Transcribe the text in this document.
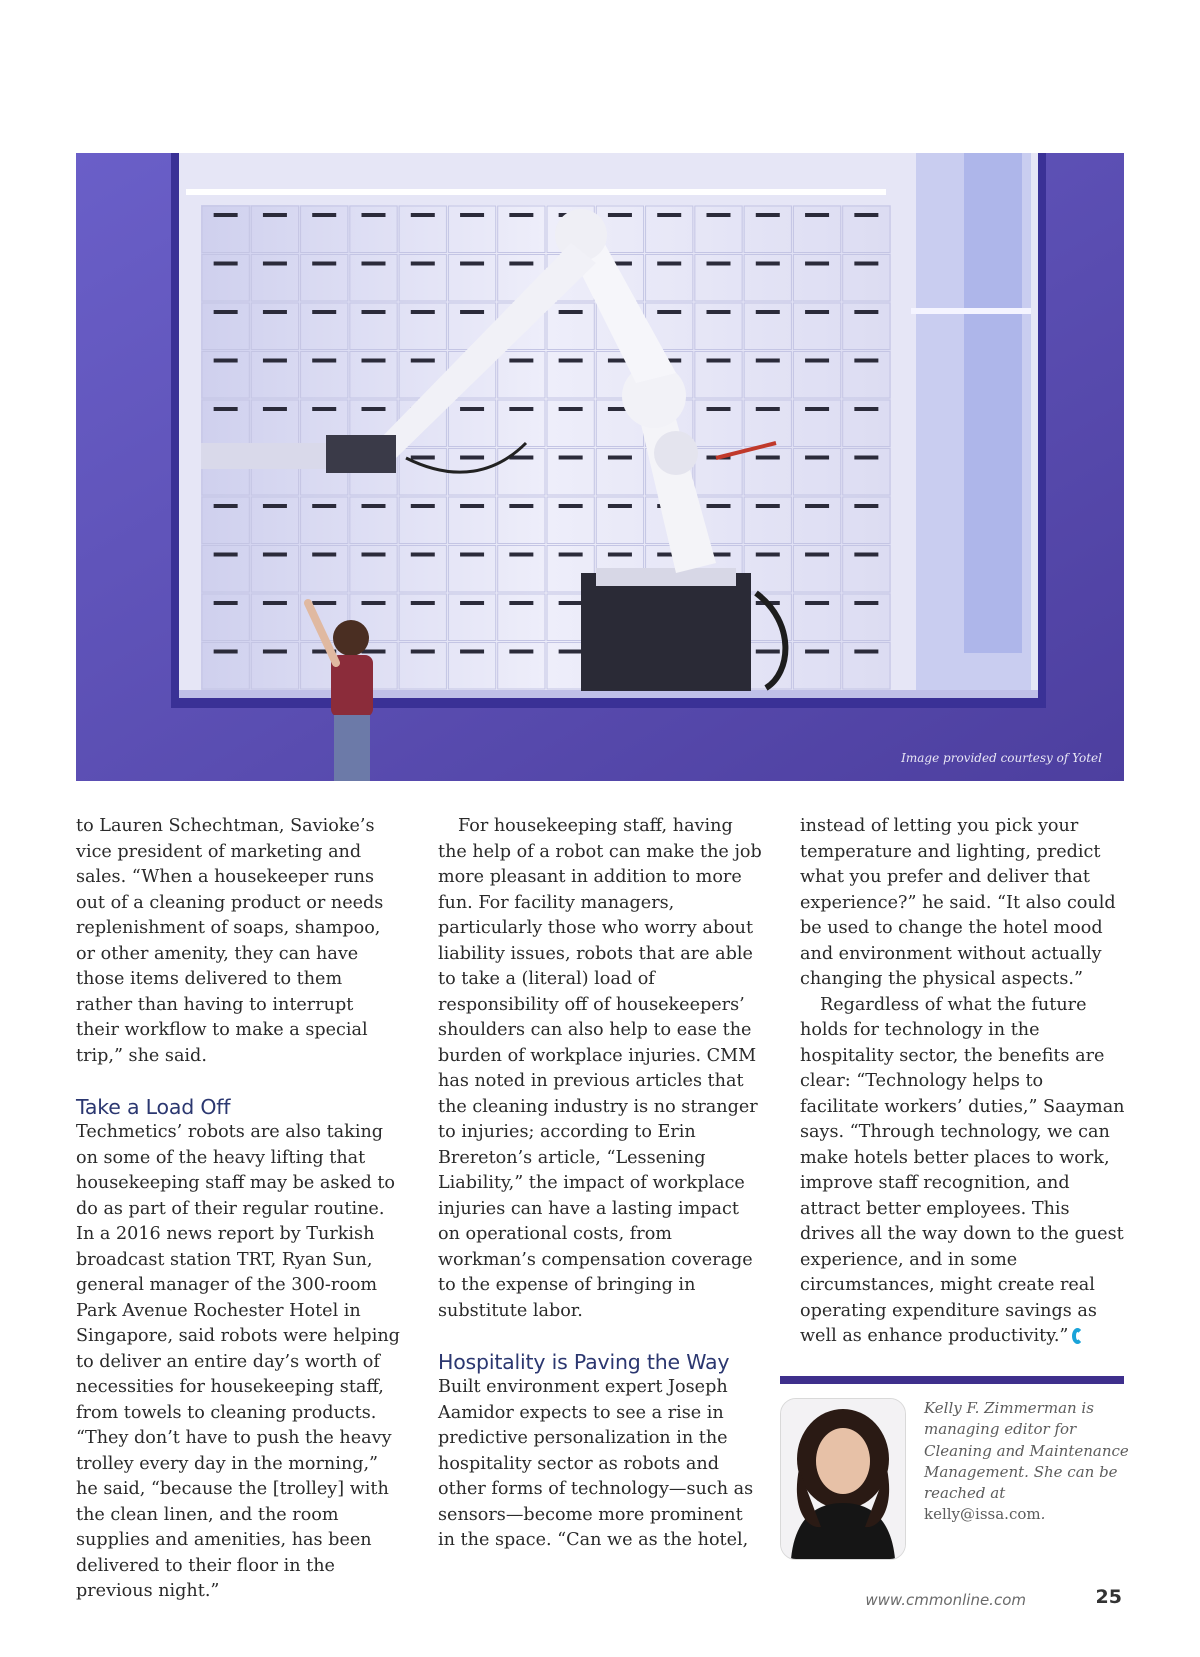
Image provided courtesy of Yotel

to Lauren Schechtman, Savioke’s vice president of marketing and sales. “When a housekeeper runs out of a cleaning product or needs replenishment of soaps, shampoo, or other amenity, they can have those items delivered to them rather than having to interrupt their workflow to make a special trip,” she said.

Take a Load Off

Techmetics’ robots are also taking on some of the heavy lifting that housekeeping staff may be asked to do as part of their regular routine. In a 2016 news report by Turkish broadcast station TRT, Ryan Sun, general manager of the 300-room Park Avenue Rochester Hotel in Singapore, said robots were helping to deliver an entire day’s worth of necessities for housekeeping staff, from towels to cleaning products. “They don’t have to push the heavy trolley every day in the morning,” he said, “because the [trolley] with the clean linen, and the room supplies and amenities, has been delivered to their floor in the previous night.”

For housekeeping staff, having the help of a robot can make the job more pleasant in addition to more fun. For facility managers, particularly those who worry about liability issues, robots that are able to take a (literal) load of responsibility off of housekeepers’ shoulders can also help to ease the burden of workplace injuries. CMM has noted in previous articles that the cleaning industry is no stranger to injuries; according to Erin Brereton’s article, “Lessening Liability,” the impact of workplace injuries can have a lasting impact on operational costs, from workman’s compensation coverage to the expense of bringing in substitute labor.

Hospitality is Paving the Way

Built environment expert Joseph Aamidor expects to see a rise in predictive personalization in the hospitality sector as robots and other forms of technology—such as sensors—become more prominent in the space. “Can we as the hotel,

instead of letting you pick your temperature and lighting, predict what you prefer and deliver that experience?” he said. “It also could be used to change the hotel mood and environment without actually changing the physical aspects.”

Regardless of what the future holds for technology in the hospitality sector, the benefits are clear: “Technology helps to facilitate workers’ duties,” Saayman says. “Through technology, we can make hotels better places to work, improve staff recognition, and attract better employees. This drives all the way down to the guest experience, and in some circumstances, might create real operating expenditure savings as well as enhance productivity.”

Kelly F. Zimmerman is managing editor for Cleaning and Maintenance Management. She can be reached at kelly@issa.com.
www.cmmonline.com	25
